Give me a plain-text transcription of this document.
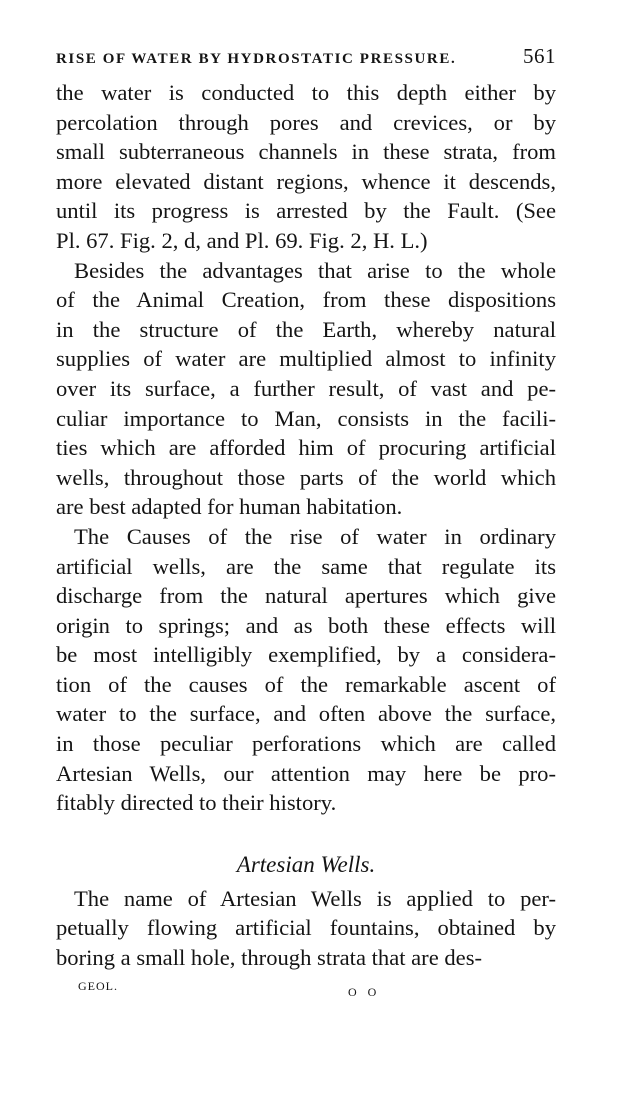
RISE OF WATER BY HYDROSTATIC PRESSURE.	561

the water is conducted to this depth either by
percolation through pores and crevices, or by
small subterraneous channels in these strata, from
more elevated distant regions, whence it descends,
until its progress is arrested by the Fault. (See
Pl. 67. Fig. 2, d, and Pl. 69. Fig. 2, H. L.)

Besides the advantages that arise to the whole
of the Animal Creation, from these dispositions
in the structure of the Earth, whereby natural
supplies of water are multiplied almost to infinity
over its surface, a further result, of vast and pe-
culiar importance to Man, consists in the facili-
ties which are afforded him of procuring artificial
wells, throughout those parts of the world which
are best adapted for human habitation.

The Causes of the rise of water in ordinary
artificial wells, are the same that regulate its
discharge from the natural apertures which give
origin to springs; and as both these effects will
be most intelligibly exemplified, by a considera-
tion of the causes of the remarkable ascent of
water to the surface, and often above the surface,
in those peculiar perforations which are called
Artesian Wells, our attention may here be pro-
fitably directed to their history.

Artesian Wells.

The name of Artesian Wells is applied to per-
petually flowing artificial fountains, obtained by
boring a small hole, through strata that are des-

GEOL.	O O
